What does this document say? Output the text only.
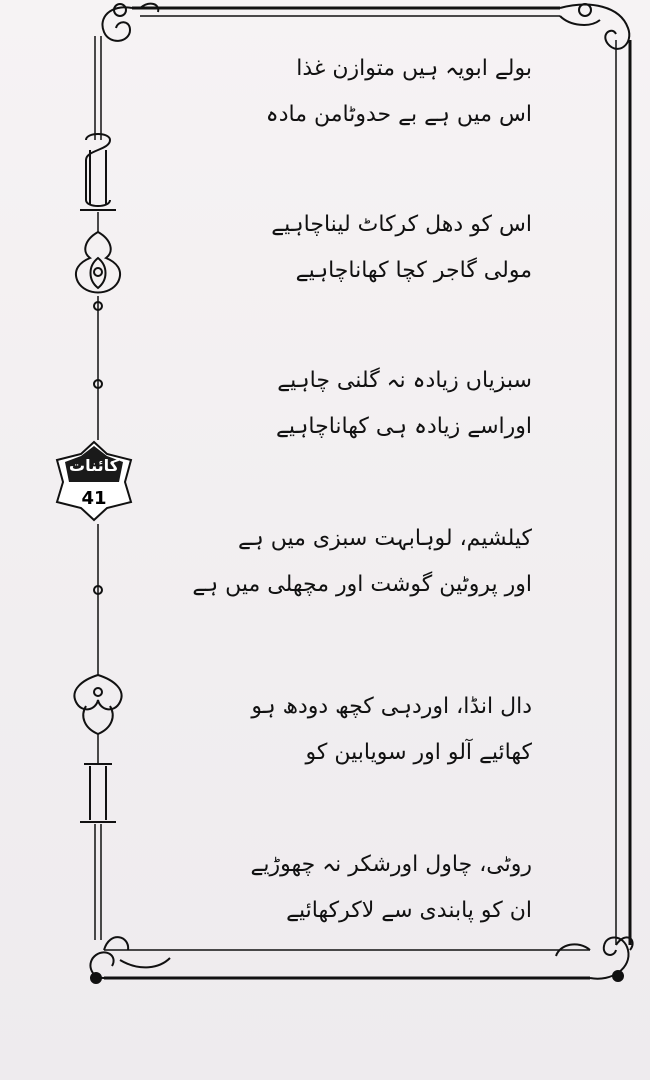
کائنات
41
بولے ابویہ ہیں متوازن غذا
اس میں ہے بے حدوٹامن مادہ
اس کو دھل کرکاٹ لیناچاہیے
مولی گاجر کچا کھاناچاہیے
سبزیاں زیادہ نہ گلنی چاہیے
اوراسے زیادہ ہی کھاناچاہیے
کیلشیم، لوہابہت سبزی میں ہے
اور پروٹین گوشت اور مچھلی میں ہے
دال انڈا، اوردہی کچھ دودھ ہو
کھائیے آلو اور سویابین کو
روٹی، چاول اورشکر نہ چھوڑیے
ان کو پابندی سے لاکرکھائیے
